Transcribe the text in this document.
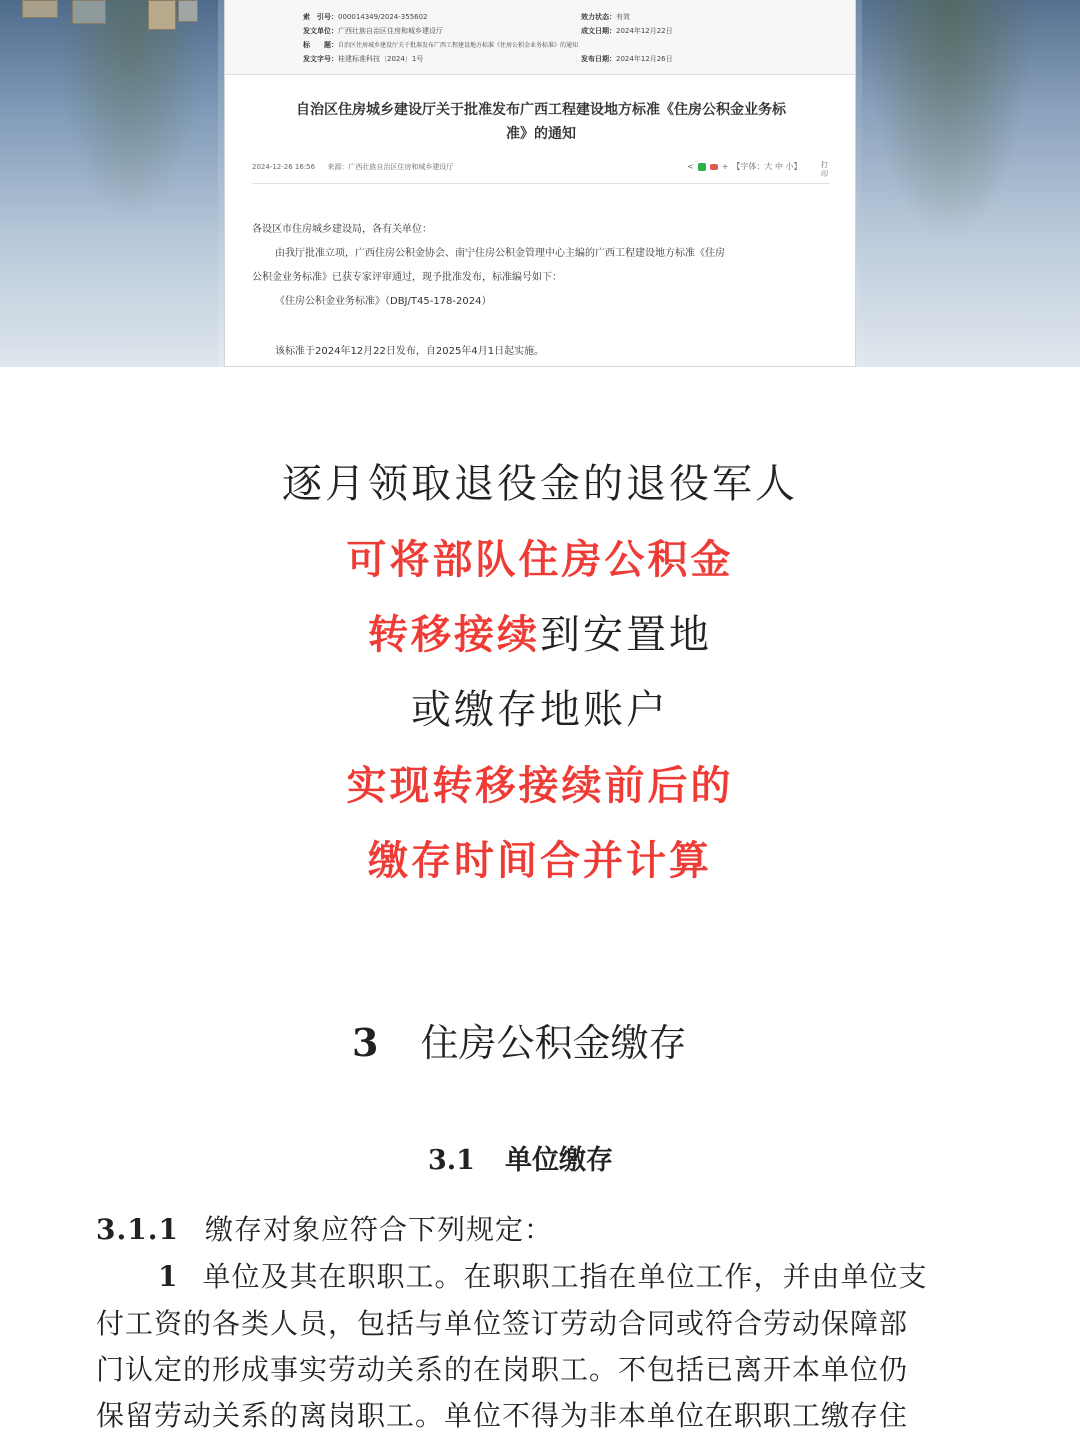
索　引号：000014349/2024-355602	效力状态：有效
发文单位：广西壮族自治区住房和城乡建设厅	成文日期：2024年12月22日
标　　题：自治区住房城乡建设厅关于批准发布广西工程建设地方标准《住房公积金业务标准》的通知
发文字号：桂建标准科技〔2024〕1号	发布日期：2024年12月26日
自治区住房城乡建设厅关于批准发布广西工程建设地方标准《住房公积金业务标
准》的通知
2024-12-26 16:56 来源：广西壮族自治区住房和城乡建设厅	<	+ 【字体：大 中 小】	打印
各设区市住房城乡建设局，各有关单位：
由我厅批准立项，广西住房公积金协会、南宁住房公积金管理中心主编的广西工程建设地方标准《住房
公积金业务标准》已获专家评审通过，现予批准发布，标准编号如下：
《住房公积金业务标准》（DBJ/T45-178-2024）
该标准于2024年12月22日发布，自2025年4月1日起实施。
逐月领取退役金的退役军人
可将部队住房公积金
转移接续到安置地
或缴存地账户
实现转移接续前后的
缴存时间合并计算
3 住房公积金缴存
3.1 单位缴存
3.1.1 缴存对象应符合下列规定：
1 单位及其在职职工。在职职工指在单位工作，并由单位支
付工资的各类人员，包括与单位签订劳动合同或符合劳动保障部
门认定的形成事实劳动关系的在岗职工。不包括已离开本单位仍
保留劳动关系的离岗职工。单位不得为非本单位在职职工缴存住
